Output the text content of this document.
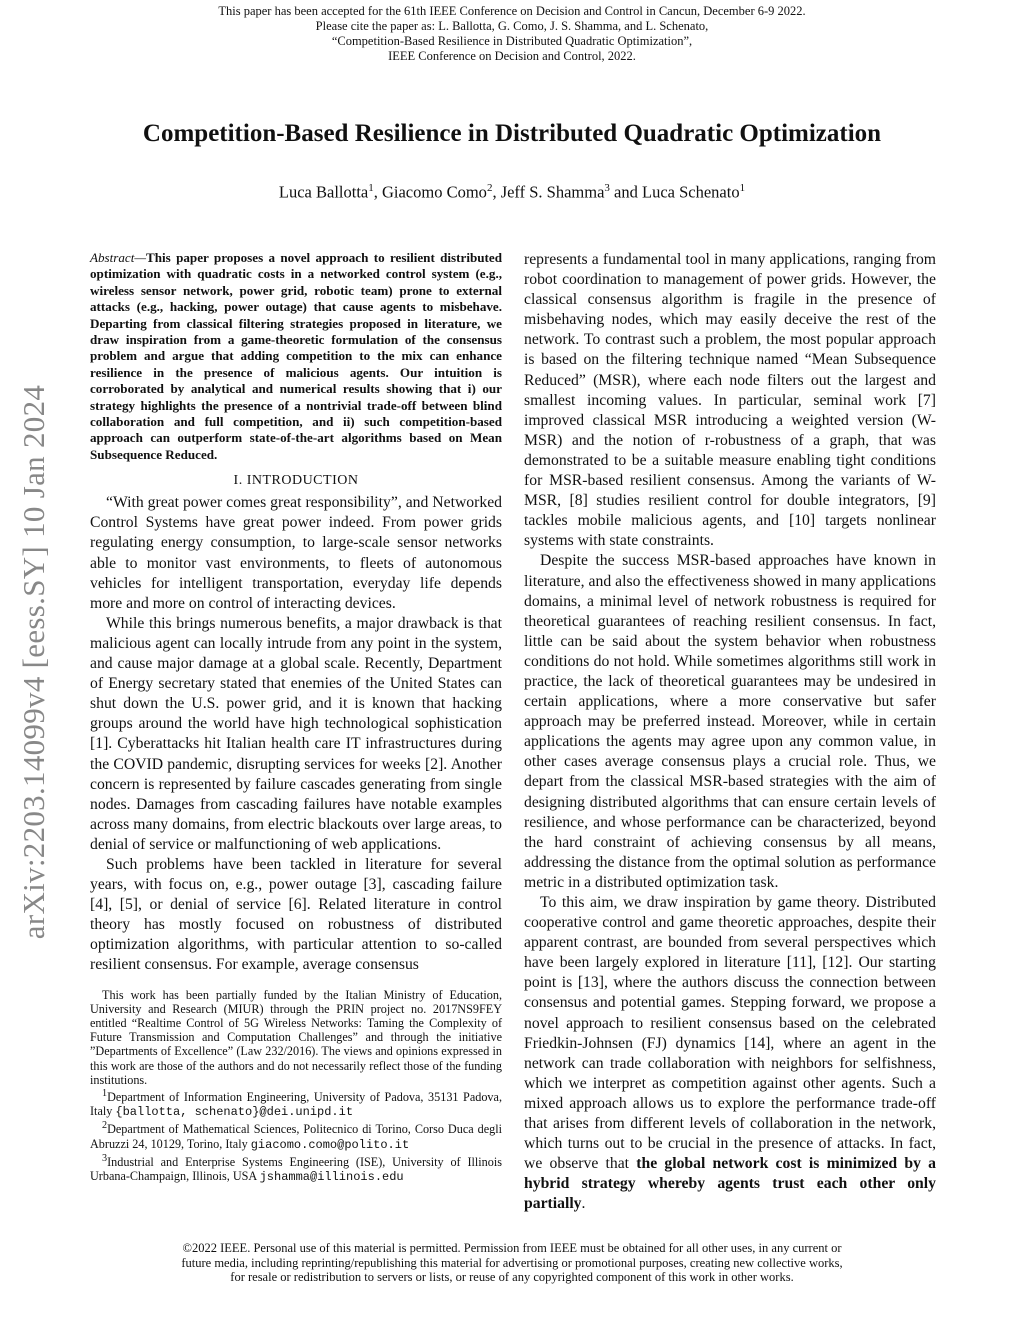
This paper has been accepted for the 61th IEEE Conference on Decision and Control in Cancun, December 6-9 2022.
Please cite the paper as: L. Ballotta, G. Como, J. S. Shamma, and L. Schenato,
“Competition-Based Resilience in Distributed Quadratic Optimization”,
IEEE Conference on Decision and Control, 2022.
Competition-Based Resilience in Distributed Quadratic Optimization
Luca Ballotta$^1$, Giacomo Como$^2$, Jeff S. Shamma$^3$ and Luca Schenato$^1$
arXiv:2203.14099v4 [eess.SY] 10 Jan 2024

Abstract—This paper proposes a novel approach to resilient distributed optimization with quadratic costs in a networked control system (e.g., wireless sensor network, power grid, robotic team) prone to external attacks (e.g., hacking, power outage) that cause agents to misbehave. Departing from classical filtering strategies proposed in literature, we draw inspiration from a game-theoretic formulation of the consensus problem and argue that adding competition to the mix can enhance resilience in the presence of malicious agents. Our intuition is corroborated by analytical and numerical results showing that i) our strategy highlights the presence of a nontrivial trade-off between blind collaboration and full competition, and ii) such competition-based approach can outperform state-of-the-art algorithms based on Mean Subsequence Reduced.

I. INTRODUCTION

“With great power comes great responsibility”, and Networked Control Systems have great power indeed. From power grids regulating energy consumption, to large-scale sensor networks able to monitor vast environments, to fleets of autonomous vehicles for intelligent transportation, everyday life depends more and more on control of interacting devices.

While this brings numerous benefits, a major drawback is that malicious agent can locally intrude from any point in the system, and cause major damage at a global scale. Recently, Department of Energy secretary stated that enemies of the United States can shut down the U.S. power grid, and it is known that hacking groups around the world have high technological sophistication [1]. Cyberattacks hit Italian health care IT infrastructures during the COVID pandemic, disrupting services for weeks [2]. Another concern is represented by failure cascades generating from single nodes. Damages from cascading failures have notable examples across many domains, from electric blackouts over large areas, to denial of service or malfunctioning of web applications.

Such problems have been tackled in literature for several years, with focus on, e.g., power outage [3], cascading failure [4], [5], or denial of service [6]. Related literature in control theory has mostly focused on robustness of distributed optimization algorithms, with particular attention to so-called resilient consensus. For example, average consensus

This work has been partially funded by the Italian Ministry of Education, University and Research (MIUR) through the PRIN project no. 2017NS9FEY entitled “Realtime Control of 5G Wireless Networks: Taming the Complexity of Future Transmission and Computation Challenges” and through the initiative ”Departments of Excellence” (Law 232/2016). The views and opinions expressed in this work are those of the authors and do not necessarily reflect those of the funding institutions.

$^1$Department of Information Engineering, University of Padova, 35131 Padova, Italy {ballotta, schenato}@dei.unipd.it

$^2$Department of Mathematical Sciences, Politecnico di Torino, Corso Duca degli Abruzzi 24, 10129, Torino, Italy giacomo.como@polito.it

$^3$Industrial and Enterprise Systems Engineering (ISE), University of Illinois Urbana-Champaign, Illinois, USA jshamma@illinois.edu

represents a fundamental tool in many applications, ranging from robot coordination to management of power grids. However, the classical consensus algorithm is fragile in the presence of misbehaving nodes, which may easily deceive the rest of the network. To contrast such a problem, the most popular approach is based on the filtering technique named “Mean Subsequence Reduced” (MSR), where each node filters out the largest and smallest incoming values. In particular, seminal work [7] improved classical MSR introducing a weighted version (W-MSR) and the notion of r-robustness of a graph, that was demonstrated to be a suitable measure enabling tight conditions for MSR-based resilient consensus. Among the variants of W-MSR, [8] studies resilient control for double integrators, [9] tackles mobile malicious agents, and [10] targets nonlinear systems with state constraints.

Despite the success MSR-based approaches have known in literature, and also the effectiveness showed in many applications domains, a minimal level of network robustness is required for theoretical guarantees of reaching resilient consensus. In fact, little can be said about the system behavior when robustness conditions do not hold. While sometimes algorithms still work in practice, the lack of theoretical guarantees may be undesired in certain applications, where a more conservative but safer approach may be preferred instead. Moreover, while in certain applications the agents may agree upon any common value, in other cases average consensus plays a crucial role. Thus, we depart from the classical MSR-based strategies with the aim of designing distributed algorithms that can ensure certain levels of resilience, and whose performance can be characterized, beyond the hard constraint of achieving consensus by all means, addressing the distance from the optimal solution as performance metric in a distributed optimization task.

To this aim, we draw inspiration by game theory. Distributed cooperative control and game theoretic approaches, despite their apparent contrast, are bounded from several perspectives which have been largely explored in literature [11], [12]. Our starting point is [13], where the authors discuss the connection between consensus and potential games. Stepping forward, we propose a novel approach to resilient consensus based on the celebrated Friedkin-Johnsen (FJ) dynamics [14], where an agent in the network can trade collaboration with neighbors for selfishness, which we interpret as competition against other agents. Such a mixed approach allows us to explore the performance trade-off that arises from different levels of collaboration in the network, which turns out to be crucial in the presence of attacks. In fact, we observe that the global network cost is minimized by a hybrid strategy whereby agents trust each other only partially.

©2022 IEEE. Personal use of this material is permitted. Permission from IEEE must be obtained for all other uses, in any current or future media, including reprinting/republishing this material for advertising or promotional purposes, creating new collective works, for resale or redistribution to servers or lists, or reuse of any copyrighted component of this work in other works.
